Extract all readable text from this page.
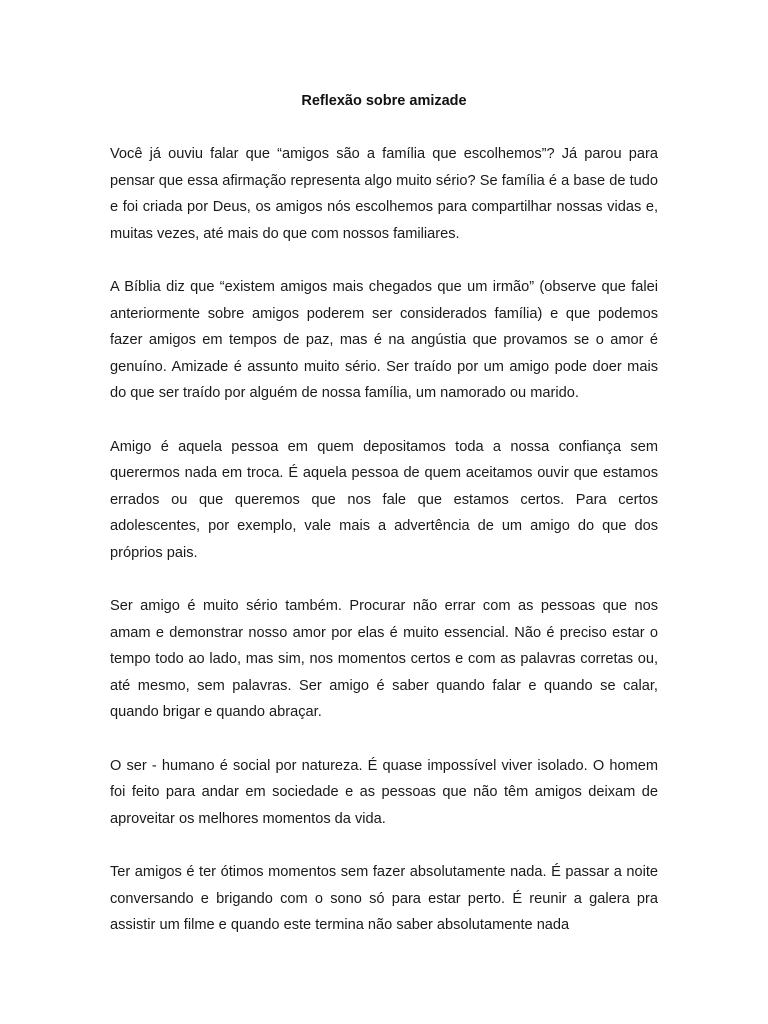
Reflexão sobre amizade

Você já ouviu falar que “amigos são a família que escolhemos”? Já parou para pensar que essa afirmação representa algo muito sério? Se família é a base de tudo e foi criada por Deus, os amigos nós escolhemos para compartilhar nossas vidas e, muitas vezes, até mais do que com nossos familiares.

A Bíblia diz que “existem amigos mais chegados que um irmão” (observe que falei anteriormente sobre amigos poderem ser considerados família) e que podemos fazer amigos em tempos de paz, mas é na angústia que provamos se o amor é genuíno. Amizade é assunto muito sério. Ser traído por um amigo pode doer mais do que ser traído por alguém de nossa família, um namorado ou marido.

Amigo é aquela pessoa em quem depositamos toda a nossa confiança sem querermos nada em troca. É aquela pessoa de quem aceitamos ouvir que estamos errados ou que queremos que nos fale que estamos certos. Para certos adolescentes, por exemplo, vale mais a advertência de um amigo do que dos próprios pais.

Ser amigo é muito sério também. Procurar não errar com as pessoas que nos amam e demonstrar nosso amor por elas é muito essencial. Não é preciso estar o tempo todo ao lado, mas sim, nos momentos certos e com as palavras corretas ou, até mesmo, sem palavras. Ser amigo é saber quando falar e quando se calar, quando brigar e quando abraçar.

O ser - humano é social por natureza. É quase impossível viver isolado. O homem foi feito para andar em sociedade e as pessoas que não têm amigos deixam de aproveitar os melhores momentos da vida.

Ter amigos é ter ótimos momentos sem fazer absolutamente nada. É passar a noite conversando e brigando com o sono só para estar perto. É reunir a galera pra assistir um filme e quando este termina não saber absolutamente nada
